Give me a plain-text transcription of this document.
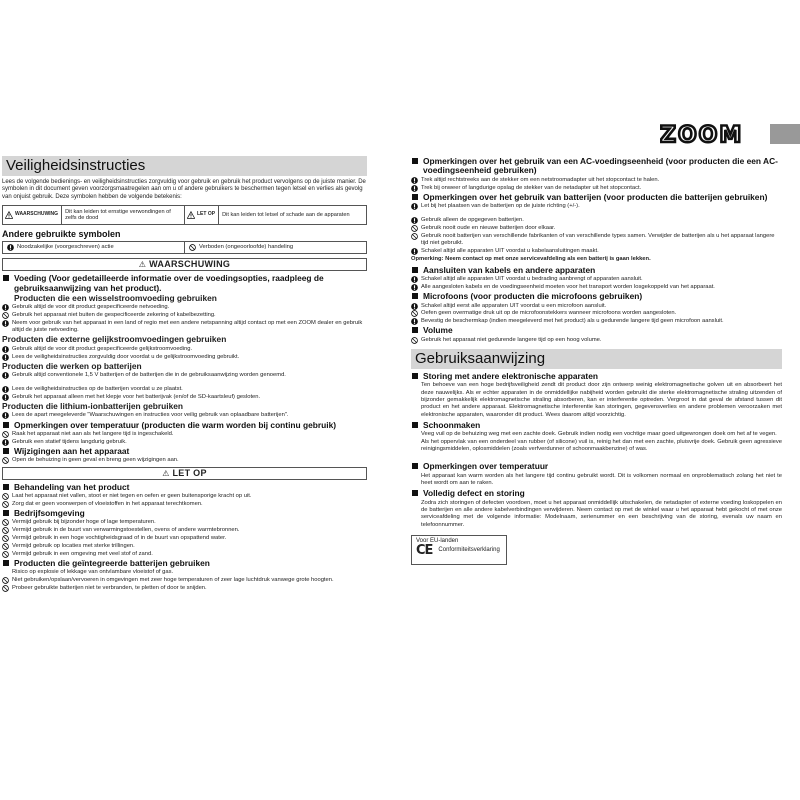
ZOOM
Veiligheidsinstructies

Lees de volgende bedienings- en veiligheidsinstructies zorgvuldig voor gebruik en gebruik het product vervolgens op de juiste manier. De symbolen in dit document geven voorzorgsmaatregelen aan om u of andere gebruikers te beschermen tegen letsel en verlies als gevolg van onjuist gebruik. Deze symbolen hebben de volgende betekenis:

WAARSCHUWING Dit kan leiden tot ernstige verwondingen of zelfs de dood
LET OP Dit kan leiden tot letsel of schade aan de apparaten
Andere gebruikte symbolen
Noodzakelijke (voorgeschreven) actie	Verboden (ongeoorloofde) handeling
⚠ WAARSCHUWING
Voeding (Voor gedetailleerde informatie over de voedingsopties, raadpleeg de gebruiksaanwijzing van het product).
Producten die een wisselstroomvoeding gebruiken
Gebruik altijd de voor dit product gespecificeerde netvoeding.
Gebruik het apparaat niet buiten de gespecificeerde zekering of kabelbezetting.
Neem voor gebruik van het apparaat in een land of regio met een andere netspanning altijd contact op met een ZOOM dealer en gebruik altijd de juiste netvoeding.
Producten die externe gelijkstroomvoedingen gebruiken
Gebruik altijd de voor dit product gespecificeerde gelijkstroomvoeding.
Lees de veiligheidsinstructies zorgvuldig door voordat u de gelijkstroomvoeding gebruikt.
Producten die werken op batterijen
Gebruik altijd conventionele 1,5 V batterijen of de batterijen die in de gebruiksaanwijzing worden genoemd.
Lees de veiligheidsinstructies op de batterijen voordat u ze plaatst.
Gebruik het apparaat alleen met het klepje voor het batterijvak (en/of de SD-kaartsleuf) gesloten.
Producten die lithium-ionbatterijen gebruiken
Lees de apart meegeleverde "Waarschuwingen en instructies voor veilig gebruik van oplaadbare batterijen".
Opmerkingen over temperatuur (producten die warm worden bij continu gebruik)
Raak het apparaat niet aan als het langere tijd is ingeschakeld.
Gebruik een statief tijdens langdurig gebruik.
Wijzigingen aan het apparaat
Open de behuizing in geen geval en breng geen wijzigingen aan.
⚠ LET OP
Behandeling van het product
Laat het apparaat niet vallen, stoot er niet tegen en oefen er geen buitensporige kracht op uit.
Zorg dat er geen voorwerpen of vloeistoffen in het apparaat terechtkomen.
Bedrijfsomgeving
Vermijd gebruik bij bijzonder hoge of lage temperaturen.
Vermijd gebruik in de buurt van verwarmingstoestellen, ovens of andere warmtebronnen.
Vermijd gebruik in een hoge vochtigheidsgraad of in de buurt van opspattend water.
Vermijd gebruik op locaties met sterke trillingen.
Vermijd gebruik in een omgeving met veel stof of zand.
Producten die geïntegreerde batterijen gebruiken
Risico op explosie of lekkage van ontvlambare vloeistof of gas.
Niet gebruiken/opslaan/vervoeren in omgevingen met zeer hoge temperaturen of zeer lage luchtdruk vanwege grote hoogten.
Probeer gebruikte batterijen niet te verbranden, te pletten of door te snijden.
Opmerkingen over het gebruik van een AC-voedingseenheid (voor producten die een AC-voedingseenheid gebruiken)
Trek altijd rechtstreeks aan de stekker om een netstroomadapter uit het stopcontact te halen.
Trek bij onweer of langdurige opslag de stekker van de netadapter uit het stopcontact.
Opmerkingen over het gebruik van batterijen (voor producten die batterijen gebruiken)
Let bij het plaatsen van de batterijen op de juiste richting (+/-).
Gebruik alleen de opgegeven batterijen.
Gebruik nooit oude en nieuwe batterijen door elkaar.
Gebruik nooit batterijen van verschillende fabrikanten of van verschillende types samen. Verwijder de batterijen als u het apparaat langere tijd niet gebruikt.
Schakel altijd alle apparaten UIT voordat u kabelaansluitingen maakt.
Opmerking: Neem contact op met onze servicevafdeling als een batterij is gaan lekken.
Aansluiten van kabels en andere apparaten
Schakel altijd alle apparaten UIT voordat u bedrading aanbrengt of apparaten aansluit.
Alle aangesloten kabels en de voedingseenheid moeten voor het transport worden losgekoppeld van het apparaat.
Microfoons (voor producten die microfoons gebruiken)
Schakel altijd eerst alle apparaten UIT voordat u een microfoon aansluit.
Oefen geen overmatige druk uit op de microfoonstekkers wanneer microfoons worden aangesloten.
Bevestig de beschermkap (indien meegeleverd met het product) als u gedurende langere tijd geen microfoon aansluit.
Volume
Gebruik het apparaat niet gedurende langere tijd op een hoog volume.
Gebruiksaanwijzing
Storing met andere elektronische apparaten
Ten behoeve van een hoge bedrijfsveiligheid zendt dit product door zijn ontwerp weinig elektromagnetische golven uit en absorbeert het deze nauwelijks. Als er echter apparaten in de onmiddellijke nabijheid worden gebruikt die sterke elektromagnetische straling uitzenden of bijzonder gemakkelijk elektromagnetische straling absorberen, kan er interferentie optreden. Vergroot in dat geval de afstand tussen dit product en het andere apparaat. Elektromagnetische interferentie kan storingen, gegevensverlies en andere problemen veroorzaken met elektronische apparaten, waaronder dit product. Wees daarom altijd voorzichtig.
Schoonmaken
Veeg vuil op de behuizing weg met een zachte doek. Gebruik indien nodig een vochtige maar goed uitgewrongen doek om het af te vegen.
Als het oppervlak van een onderdeel van rubber (of silicone) vuil is, reinig het dan met een zachte, pluisvrije doek. Gebruik geen agressieve reinigingsmiddelen, oplosmiddelen (zoals verfverdunner of schoonmaakbenzine) of was.
Opmerkingen over temperatuur
Het apparaat kan warm worden als het langere tijd continu gebruikt wordt. Dit is volkomen normaal en onproblematisch zolang het niet te heet wordt om aan te raken.
Volledig defect en storing
Zodra zich storingen of defecten voordoen, moet u het apparaat onmiddellijk uitschakelen, de netadapter of externe voeding loskoppelen en de batterijen en alle andere kabelverbindingen verwijderen. Neem contact op met de winkel waar u het apparaat hebt gekocht of met onze serviceafdeling met de volgende informatie: Modelnaam, serienummer en een beschrijving van de storing, evenals uw naam en telefoonnummer.
Voor EU-landen
CE Conformiteitsverklaring
